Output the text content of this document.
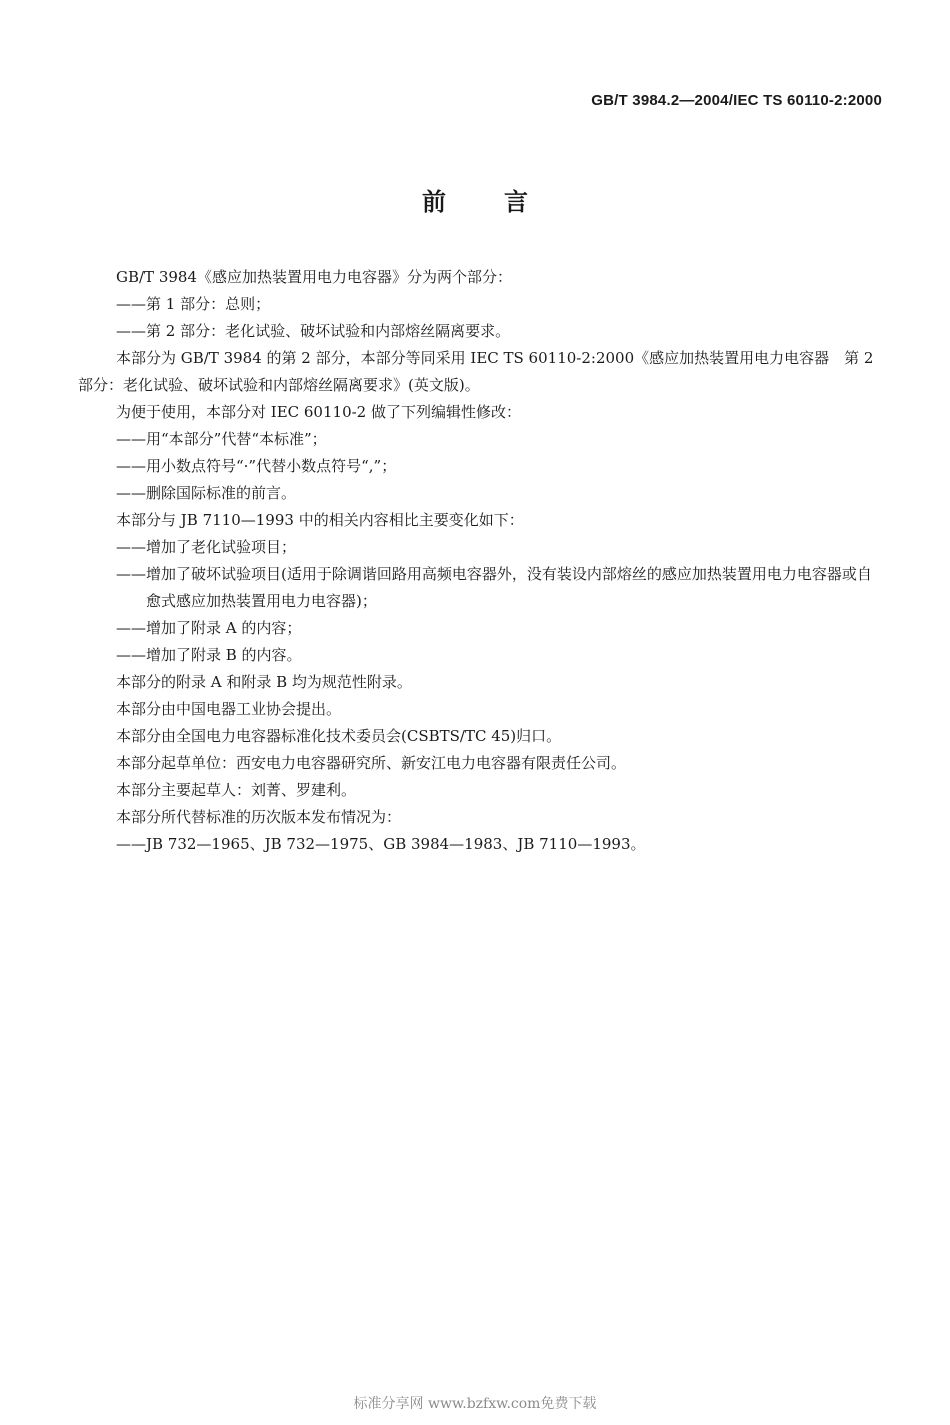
GB/T 3984.2—2004/IEC TS 60110-2:2000
前言

GB/T 3984《感应加热装置用电力电容器》分为两个部分：

——第 1 部分：总则；

——第 2 部分：老化试验、破坏试验和内部熔丝隔离要求。

本部分为 GB/T 3984 的第 2 部分，本部分等同采用 IEC TS 60110-2:2000《感应加热装置用电力电容器　第 2 部分：老化试验、破坏试验和内部熔丝隔离要求》(英文版)。

为便于使用，本部分对 IEC 60110-2 做了下列编辑性修改：

——用“本部分”代替“本标准”；

——用小数点符号“·”代替小数点符号“,”；

——删除国际标准的前言。

本部分与 JB 7110—1993 中的相关内容相比主要变化如下：

——增加了老化试验项目；

——增加了破坏试验项目(适用于除调谐回路用高频电容器外，没有装设内部熔丝的感应加热装置用电力电容器或自愈式感应加热装置用电力电容器)；

——增加了附录 A 的内容；

——增加了附录 B 的内容。

本部分的附录 A 和附录 B 均为规范性附录。

本部分由中国电器工业协会提出。

本部分由全国电力电容器标准化技术委员会(CSBTS/TC 45)归口。

本部分起草单位：西安电力电容器研究所、新安江电力电容器有限责任公司。

本部分主要起草人：刘菁、罗建利。

本部分所代替标准的历次版本发布情况为：

——JB 732—1965、JB 732—1975、GB 3984—1983、JB 7110—1993。

标准分享网 www.bzfxw.com免费下载
